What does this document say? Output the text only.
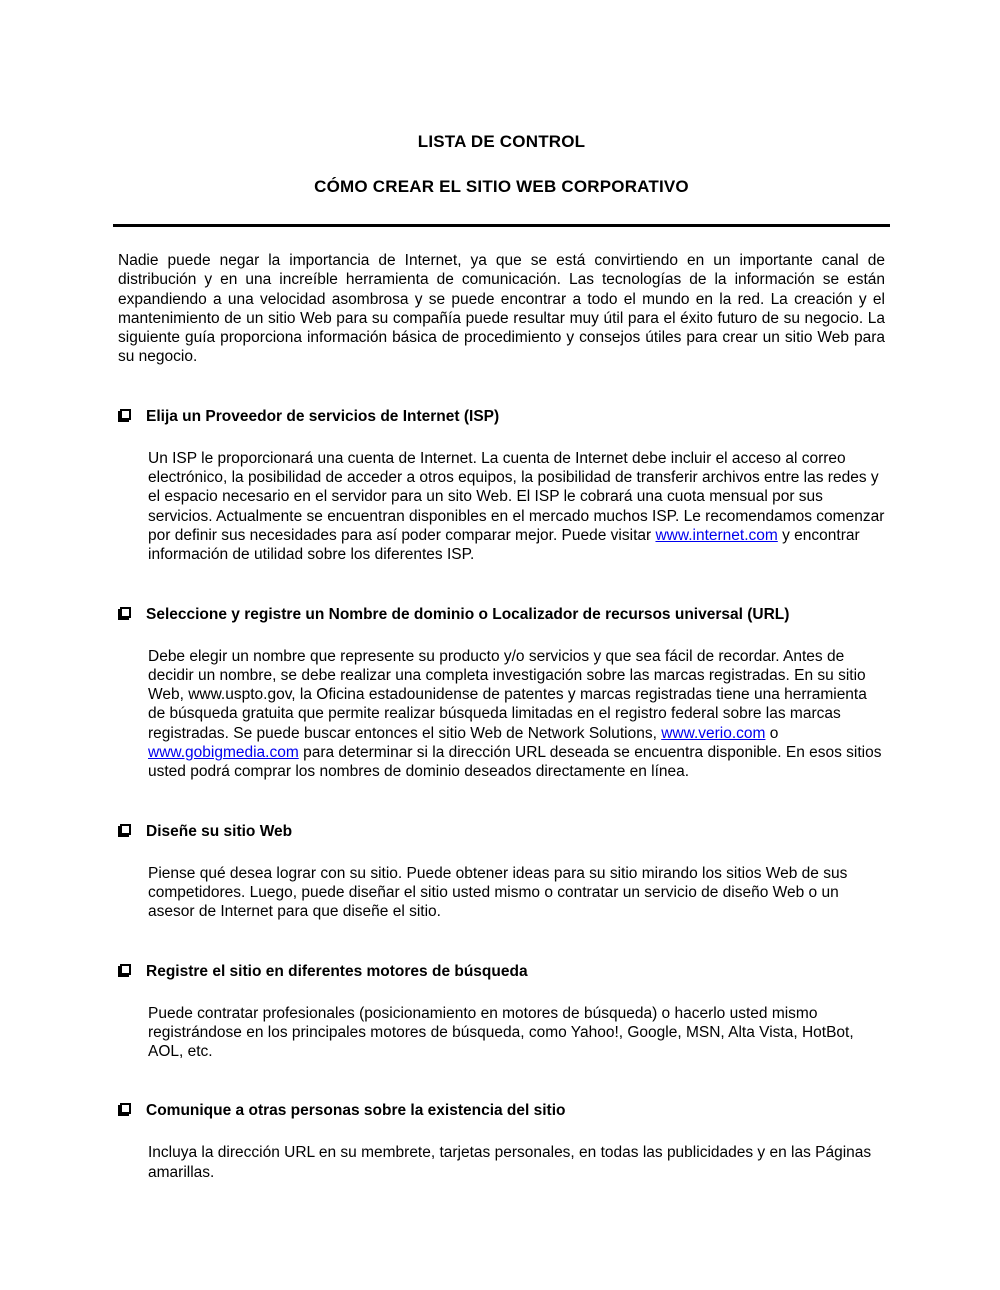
LISTA DE CONTROL
CÓMO CREAR EL SITIO WEB CORPORATIVO

Nadie puede negar la importancia de Internet, ya que se está convirtiendo en un importante canal de distribución y en una increíble herramienta de comunicación. Las tecnologías de la información se están expandiendo a una velocidad asombrosa y se puede encontrar a todo el mundo en la red. La creación y el mantenimiento de un sitio Web para su compañía puede resultar muy útil para el éxito futuro de su negocio. La siguiente guía proporciona información básica de procedimiento y consejos útiles para crear un sitio Web para su negocio.

Elija un Proveedor de servicios de Internet (ISP)

Un ISP le proporcionará una cuenta de Internet. La cuenta de Internet debe incluir el acceso al correo electrónico, la posibilidad de acceder a otros equipos, la posibilidad de transferir archivos entre las redes y el espacio necesario en el servidor para un sito Web. El ISP le cobrará una cuota mensual por sus servicios. Actualmente se encuentran disponibles en el mercado muchos ISP. Le recomendamos comenzar por definir sus necesidades para así poder comparar mejor. Puede visitar www.internet.com y encontrar información de utilidad sobre los diferentes ISP.

Seleccione y registre un Nombre de dominio o Localizador de recursos universal (URL)

Debe elegir un nombre que represente su producto y/o servicios y que sea fácil de recordar. Antes de decidir un nombre, se debe realizar una completa investigación sobre las marcas registradas. En su sitio Web, www.uspto.gov, la Oficina estadounidense de patentes y marcas registradas tiene una herramienta de búsqueda gratuita que permite realizar búsqueda limitadas en el registro federal sobre las marcas registradas. Se puede buscar entonces el sitio Web de Network Solutions, www.verio.com o www.gobigmedia.com para determinar si la dirección URL deseada se encuentra disponible. En esos sitios usted podrá comprar los nombres de dominio deseados directamente en línea.

Diseñe su sitio Web

Piense qué desea lograr con su sitio. Puede obtener ideas para su sitio mirando los sitios Web de sus competidores. Luego, puede diseñar el sitio usted mismo o contratar un servicio de diseño Web o un asesor de Internet para que diseñe el sitio.

Registre el sitio en diferentes motores de búsqueda

Puede contratar profesionales (posicionamiento en motores de búsqueda) o hacerlo usted mismo registrándose en los principales motores de búsqueda, como Yahoo!, Google, MSN, Alta Vista, HotBot, AOL, etc.

Comunique a otras personas sobre la existencia del sitio

Incluya la dirección URL en su membrete, tarjetas personales, en todas las publicidades y en las Páginas amarillas.
